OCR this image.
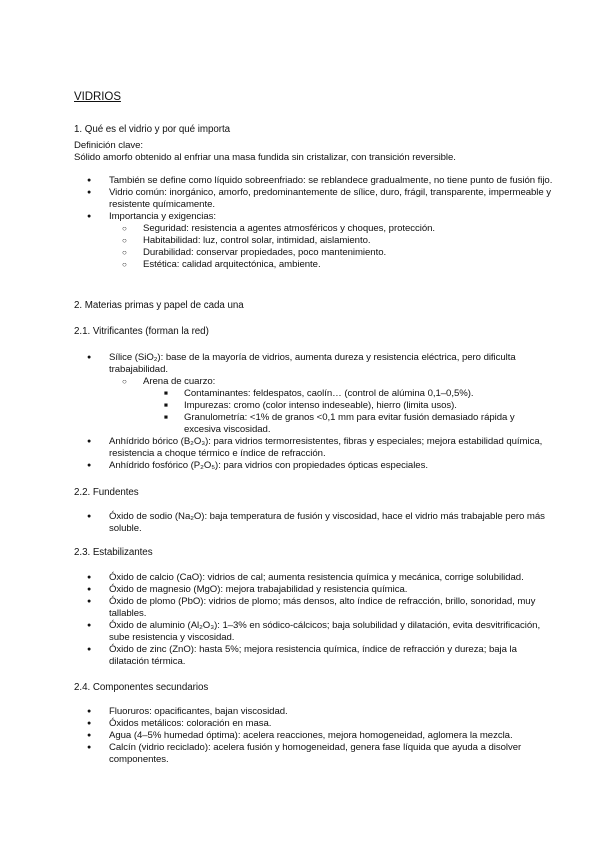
VIDRIOS
1. Qué es el vidrio y por qué importa
Definición clave:
Sólido amorfo obtenido al enfriar una masa fundida sin cristalizar, con transición reversible.
● También se define como líquido sobreenfriado: se reblandece gradualmente, no tiene punto de fusión fijo.
● Vidrio común: inorgánico, amorfo, predominantemente de sílice, duro, frágil, transparente, impermeable y resistente químicamente.
● Importancia y exigencias:
○ Seguridad: resistencia a agentes atmosféricos y choques, protección.
○ Habitabilidad: luz, control solar, intimidad, aislamiento.
○ Durabilidad: conservar propiedades, poco mantenimiento.
○ Estética: calidad arquitectónica, ambiente.
2. Materias primas y papel de cada una
2.1. Vitrificantes (forman la red)
● Sílice (SiO₂): base de la mayoría de vidrios, aumenta dureza y resistencia eléctrica, pero dificulta trabajabilidad.
○ Arena de cuarzo:
■ Contaminantes: feldespatos, caolín… (control de alúmina 0,1–0,5%).
■ Impurezas: cromo (color intenso indeseable), hierro (limita usos).
■ Granulometría: <1% de granos <0,1 mm para evitar fusión demasiado rápida y excesiva viscosidad.
● Anhídrido bórico (B₂O₃): para vidrios termorresistentes, fibras y especiales; mejora estabilidad química, resistencia a choque térmico e índice de refracción.
● Anhídrido fosfórico (P₂O₅): para vidrios con propiedades ópticas especiales.
2.2. Fundentes
● Óxido de sodio (Na₂O): baja temperatura de fusión y viscosidad, hace el vidrio más trabajable pero más soluble.
2.3. Estabilizantes
● Óxido de calcio (CaO): vidrios de cal; aumenta resistencia química y mecánica, corrige solubilidad.
● Óxido de magnesio (MgO): mejora trabajabilidad y resistencia química.
● Óxido de plomo (PbO): vidrios de plomo; más densos, alto índice de refracción, brillo, sonoridad, muy tallables.
● Óxido de aluminio (Al₂O₃): 1–3% en sódico-cálcicos; baja solubilidad y dilatación, evita desvitrificación, sube resistencia y viscosidad.
● Óxido de zinc (ZnO): hasta 5%; mejora resistencia química, índice de refracción y dureza; baja la dilatación térmica.
2.4. Componentes secundarios
● Fluoruros: opacificantes, bajan viscosidad.
● Óxidos metálicos: coloración en masa.
● Agua (4–5% humedad óptima): acelera reacciones, mejora homogeneidad, aglomera la mezcla.
● Calcín (vidrio reciclado): acelera fusión y homogeneidad, genera fase líquida que ayuda a disolver componentes.
